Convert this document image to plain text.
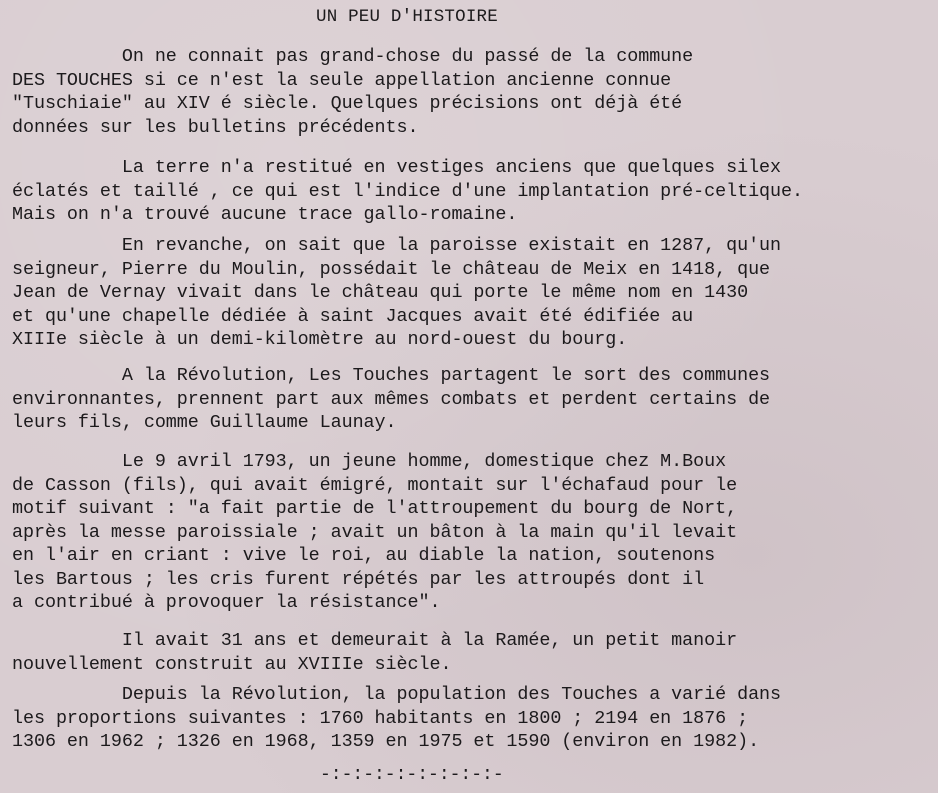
UN PEU D'HISTOIRE
On ne connait pas grand-chose du passé de la commune
DES TOUCHES si ce n'est la seule appellation ancienne connue
"Tuschiaie" au XIV é siècle. Quelques précisions ont déjà été
données sur les bulletins précédents.
La terre n'a restitué en vestiges anciens que quelques silex
éclatés et taillé , ce qui est l'indice d'une implantation pré-celtique.
Mais on n'a trouvé aucune trace gallo-romaine.
En revanche, on sait que la paroisse existait en 1287, qu'un
seigneur, Pierre du Moulin, possédait le château de Meix en 1418, que
Jean de Vernay vivait dans le château qui porte le même nom en 1430
et qu'une chapelle dédiée à saint Jacques avait été édifiée au
XIIIe siècle à un demi-kilomètre au nord-ouest du bourg.
A la Révolution, Les Touches partagent le sort des communes
environnantes, prennent part aux mêmes combats et perdent certains de
leurs fils, comme Guillaume Launay.
Le 9 avril 1793, un jeune homme, domestique chez M.Boux
de Casson (fils), qui avait émigré, montait sur l'échafaud pour le
motif suivant : "a fait partie de l'attroupement du bourg de Nort,
après la messe paroissiale ; avait un bâton à la main qu'il levait
en l'air en criant : vive le roi, au diable la nation, soutenons
les Bartous ; les cris furent répétés par les attroupés dont il
a contribué à provoquer la résistance".
Il avait 31 ans et demeurait à la Ramée, un petit manoir
nouvellement construit au XVIIIe siècle.
Depuis la Révolution, la population des Touches a varié dans
les proportions suivantes : 1760 habitants en 1800 ; 2194 en 1876 ;
1306 en 1962 ; 1326 en 1968, 1359 en 1975 et 1590 (environ en 1982).
-:-:-:-:-:-:-:-:-
